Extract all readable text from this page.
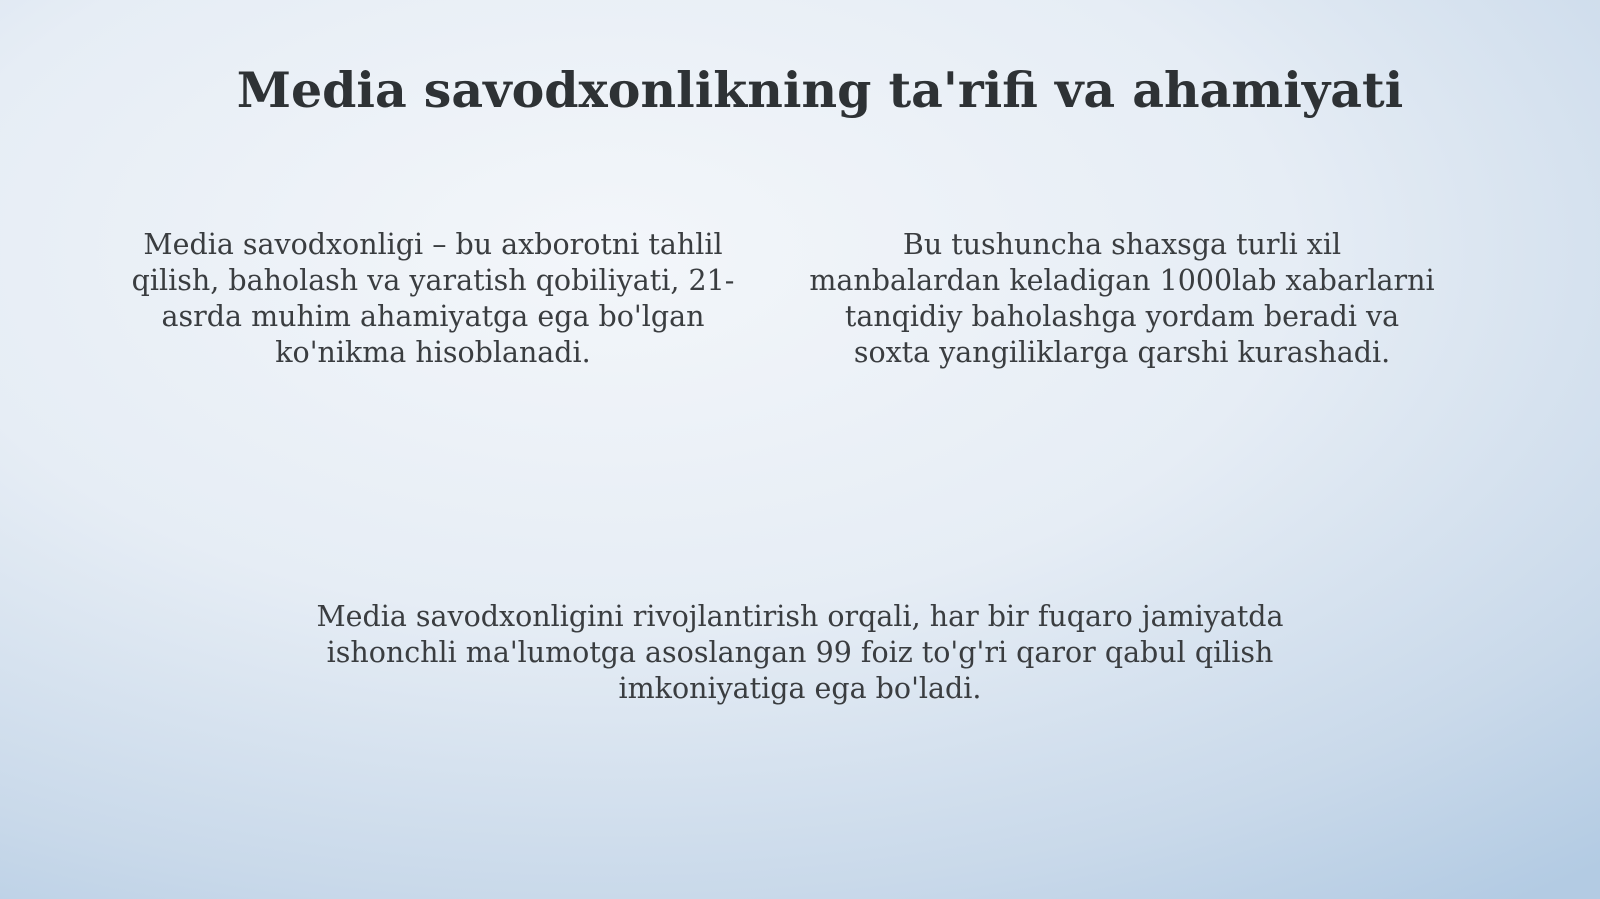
Media savodxonlikning ta'rifi va ahamiyati

Media savodxonligi – bu axborotni tahlil qilish, baholash va yaratish qobiliyati, 21-asrda muhim ahamiyatga ega bo'lgan ko'nikma hisoblanadi.

Bu tushuncha shaxsga turli xil manbalardan keladigan 1000lab xabarlarni tanqidiy baholashga yordam beradi va soxta yangiliklarga qarshi kurashadi.

Media savodxonligini rivojlantirish orqali, har bir fuqaro jamiyatda ishonchli ma'lumotga asoslangan 99 foiz to'g'ri qaror qabul qilish imkoniyatiga ega bo'ladi.
